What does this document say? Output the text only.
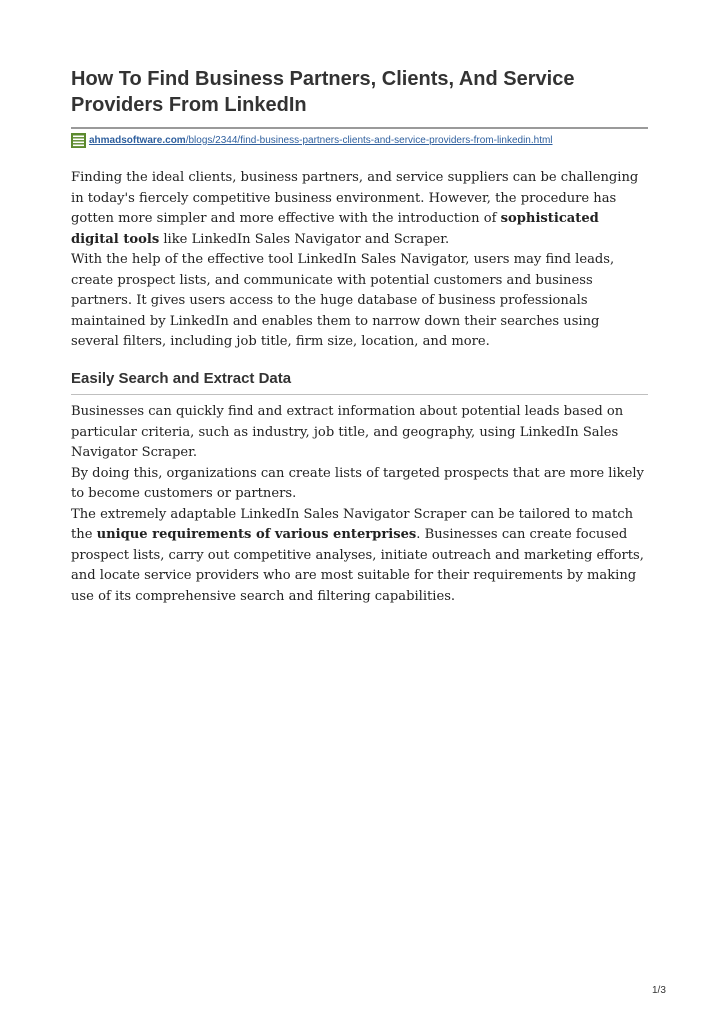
How To Find Business Partners, Clients, And Service Providers From LinkedIn
ahmadsoftware.com /blogs/2344/find-business-partners-clients-and-service-providers-from-linkedin.html

Finding the ideal clients, business partners, and service suppliers can be challenging in today's fiercely competitive business environment. However, the procedure has gotten more simpler and more effective with the introduction of sophisticated digital tools like LinkedIn Sales Navigator and Scraper.

With the help of the effective tool LinkedIn Sales Navigator, users may find leads, create prospect lists, and communicate with potential customers and business partners. It gives users access to the huge database of business professionals maintained by LinkedIn and enables them to narrow down their searches using several filters, including job title, firm size, location, and more.

Easily Search and Extract Data

Businesses can quickly find and extract information about potential leads based on particular criteria, such as industry, job title, and geography, using LinkedIn Sales Navigator Scraper.

By doing this, organizations can create lists of targeted prospects that are more likely to become customers or partners.

The extremely adaptable LinkedIn Sales Navigator Scraper can be tailored to match the unique requirements of various enterprises. Businesses can create focused prospect lists, carry out competitive analyses, initiate outreach and marketing efforts, and locate service providers who are most suitable for their requirements by making use of its comprehensive search and filtering capabilities.

1/3
